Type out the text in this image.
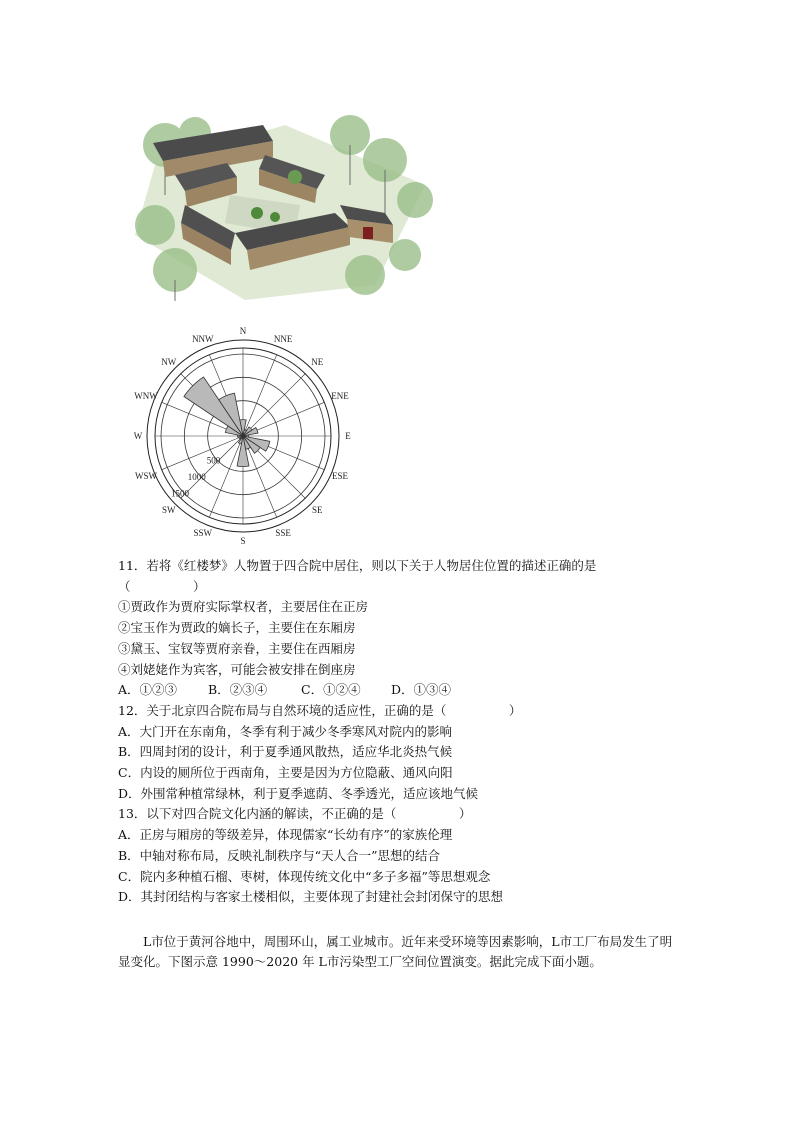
N
NNE
NE
ENE
E
ESE
SE
SSE
S
SSW
SW
WSW
W
WNW
NW
NNW
500
1000
1500
11．若将《红楼梦》人物置于四合院中居住，则以下关于人物居住位置的描述正确的是
（　　　　　）
①贾政作为贾府实际掌权者，主要居住在正房
②宝玉作为贾政的嫡长子，主要住在东厢房
③黛玉、宝钗等贾府亲眷，主要住在西厢房
④刘姥姥作为宾客，可能会被安排在倒座房
A．①②③ B．②③④	C．①②④ D．①③④
12．关于北京四合院布局与自然环境的适应性，正确的是（　　　　　）
A．大门开在东南角，冬季有利于减少冬季寒风对院内的影响
B．四周封闭的设计，利于夏季通风散热，适应华北炎热气候
C．内设的厕所位于西南角，主要是因为方位隐蔽、通风向阳
D．外围常种植常绿林，利于夏季遮荫、冬季透光，适应该地气候
13．以下对四合院文化内涵的解读，不正确的是（　　　　　）
A．正房与厢房的等级差异，体现儒家“长幼有序”的家族伦理
B．中轴对称布局，反映礼制秩序与“天人合一”思想的结合
C．院内多种植石榴、枣树，体现传统文化中“多子多福”等思想观念
D．其封闭结构与客家土楼相似，主要体现了封建社会封闭保守的思想
L市位于黄河谷地中，周围环山，属工业城市。近年来受环境等因素影响，L市工厂布局发生了明显变化。下图示意 1990～2020 年 L市污染型工厂空间位置演变。据此完成下面小题。
